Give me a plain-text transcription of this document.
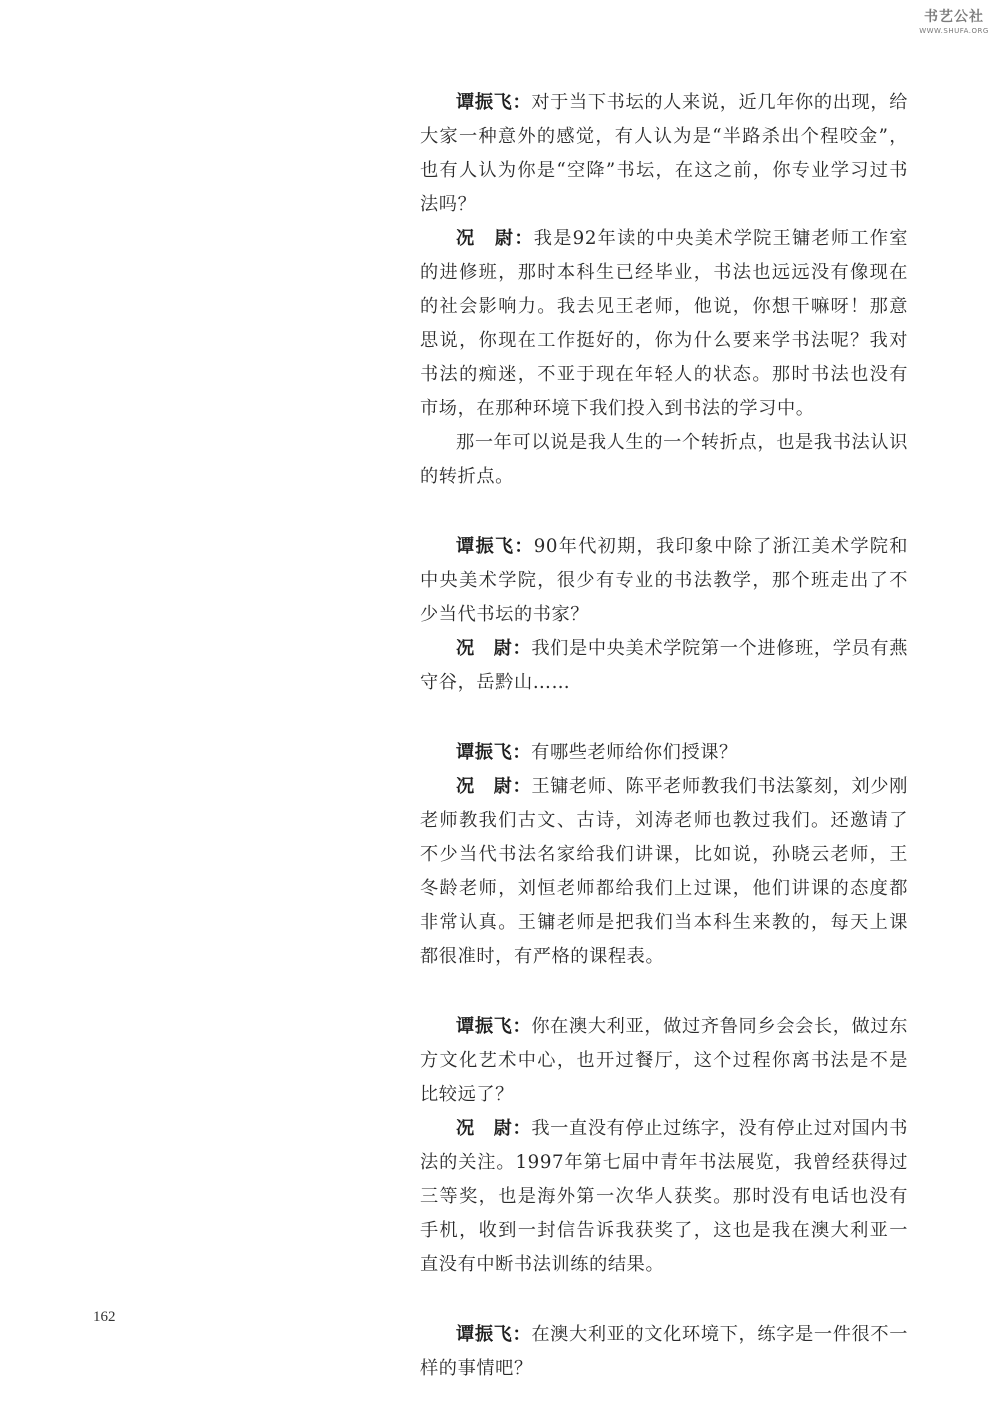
书艺公社
WWW.SHUFA.ORG

谭振飞：对于当下书坛的人来说，近几年你的出现，给大家一种意外的感觉，有人认为是“半路杀出个程咬金”，也有人认为你是“空降”书坛，在这之前，你专业学习过书法吗？

况　尉：我是92年读的中央美术学院王镛老师工作室的进修班，那时本科生已经毕业，书法也远远没有像现在的社会影响力。我去见王老师，他说，你想干嘛呀！那意思说，你现在工作挺好的，你为什么要来学书法呢？我对书法的痴迷，不亚于现在年轻人的状态。那时书法也没有市场，在那种环境下我们投入到书法的学习中。

那一年可以说是我人生的一个转折点，也是我书法认识的转折点。

谭振飞：90年代初期，我印象中除了浙江美术学院和中央美术学院，很少有专业的书法教学，那个班走出了不少当代书坛的书家？

况　尉：我们是中央美术学院第一个进修班，学员有燕守谷，岳黔山……

谭振飞：有哪些老师给你们授课？

况　尉：王镛老师、陈平老师教我们书法篆刻，刘少刚老师教我们古文、古诗，刘涛老师也教过我们。还邀请了不少当代书法名家给我们讲课，比如说，孙晓云老师，王冬龄老师，刘恒老师都给我们上过课，他们讲课的态度都非常认真。王镛老师是把我们当本科生来教的，每天上课都很准时，有严格的课程表。

谭振飞：你在澳大利亚，做过齐鲁同乡会会长，做过东方文化艺术中心，也开过餐厅，这个过程你离书法是不是比较远了？

况　尉：我一直没有停止过练字，没有停止过对国内书法的关注。1997年第七届中青年书法展览，我曾经获得过三等奖，也是海外第一次华人获奖。那时没有电话也没有手机，收到一封信告诉我获奖了，这也是我在澳大利亚一直没有中断书法训练的结果。

谭振飞：在澳大利亚的文化环境下，练字是一件很不一样的事情吧？

162
